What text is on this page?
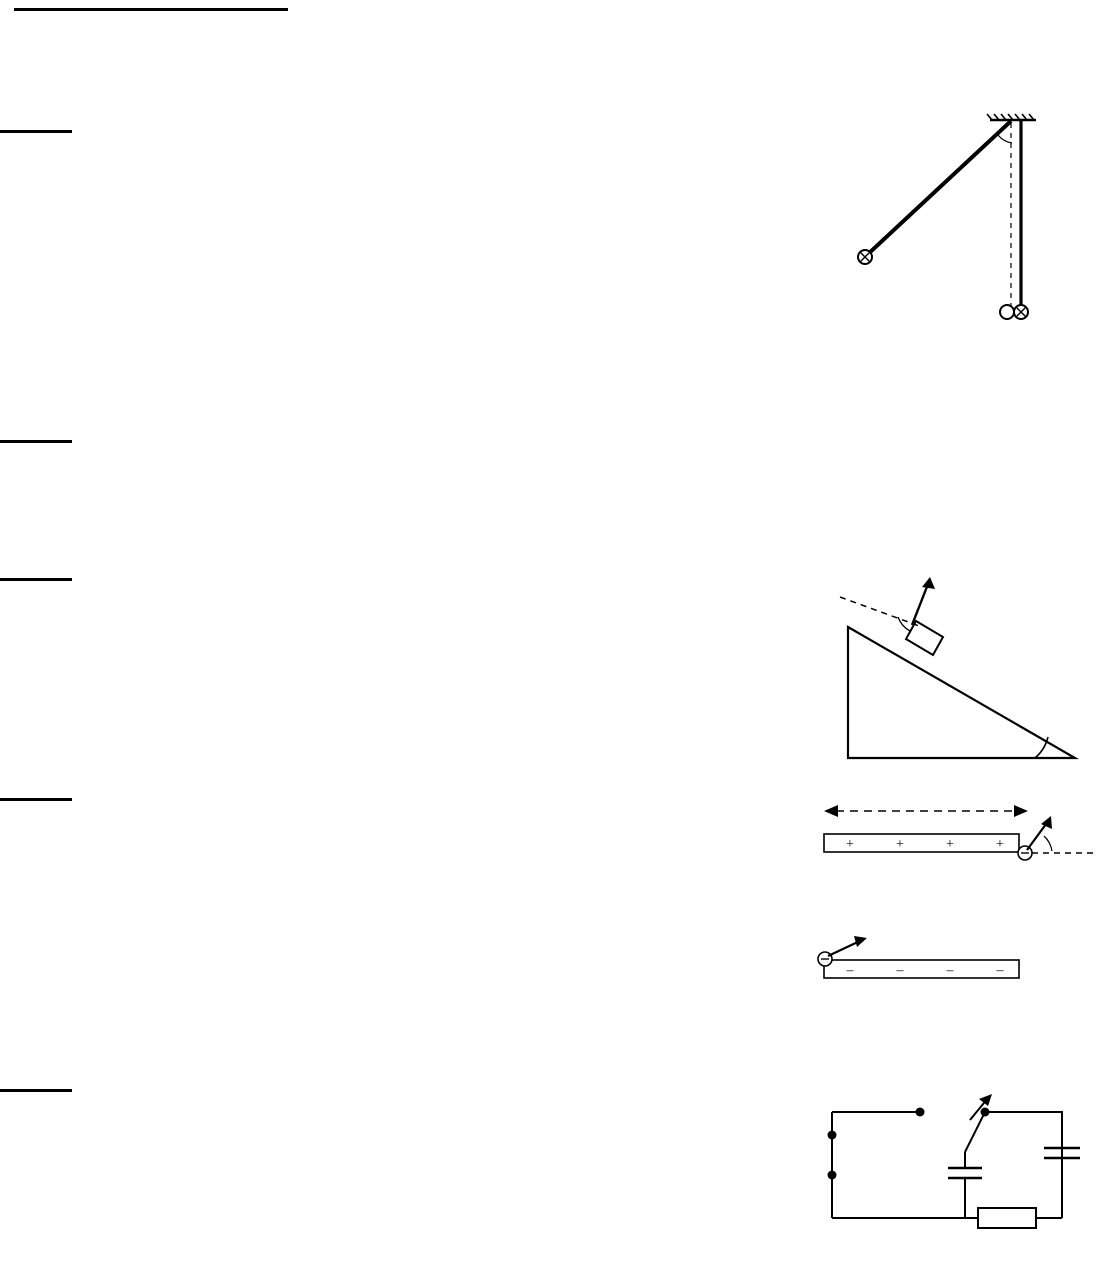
+	+	+	+
–	–	–	–
